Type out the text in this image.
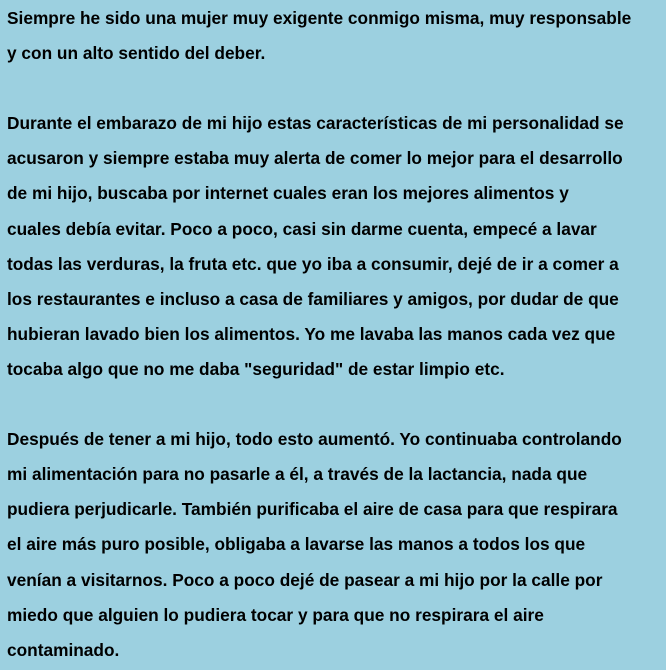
Siempre he sido una mujer muy exigente conmigo misma, muy responsable
y con un alto sentido del deber.

Durante el embarazo de mi hijo estas características de mi personalidad se
acusaron y siempre estaba muy alerta de comer lo mejor para el desarrollo
de mi hijo, buscaba por internet cuales eran los mejores alimentos y
cuales debía evitar. Poco a poco, casi sin darme cuenta, empecé a lavar
todas las verduras, la fruta etc. que yo iba a consumir, dejé de ir a comer a
los restaurantes e incluso a casa de familiares y amigos, por dudar de que
hubieran lavado bien los alimentos. Yo me lavaba las manos cada vez que
tocaba algo que no me daba "seguridad" de estar limpio etc.

Después de tener a mi hijo, todo esto aumentó. Yo continuaba controlando
mi alimentación para no pasarle a él, a través de la lactancia, nada que
pudiera perjudicarle. También purificaba el aire de casa para que respirara
el aire más puro posible, obligaba a lavarse las manos a todos los que
venían a visitarnos. Poco a poco dejé de pasear a mi hijo por la calle por
miedo que alguien lo pudiera tocar y para que no respirara el aire
contaminado.
